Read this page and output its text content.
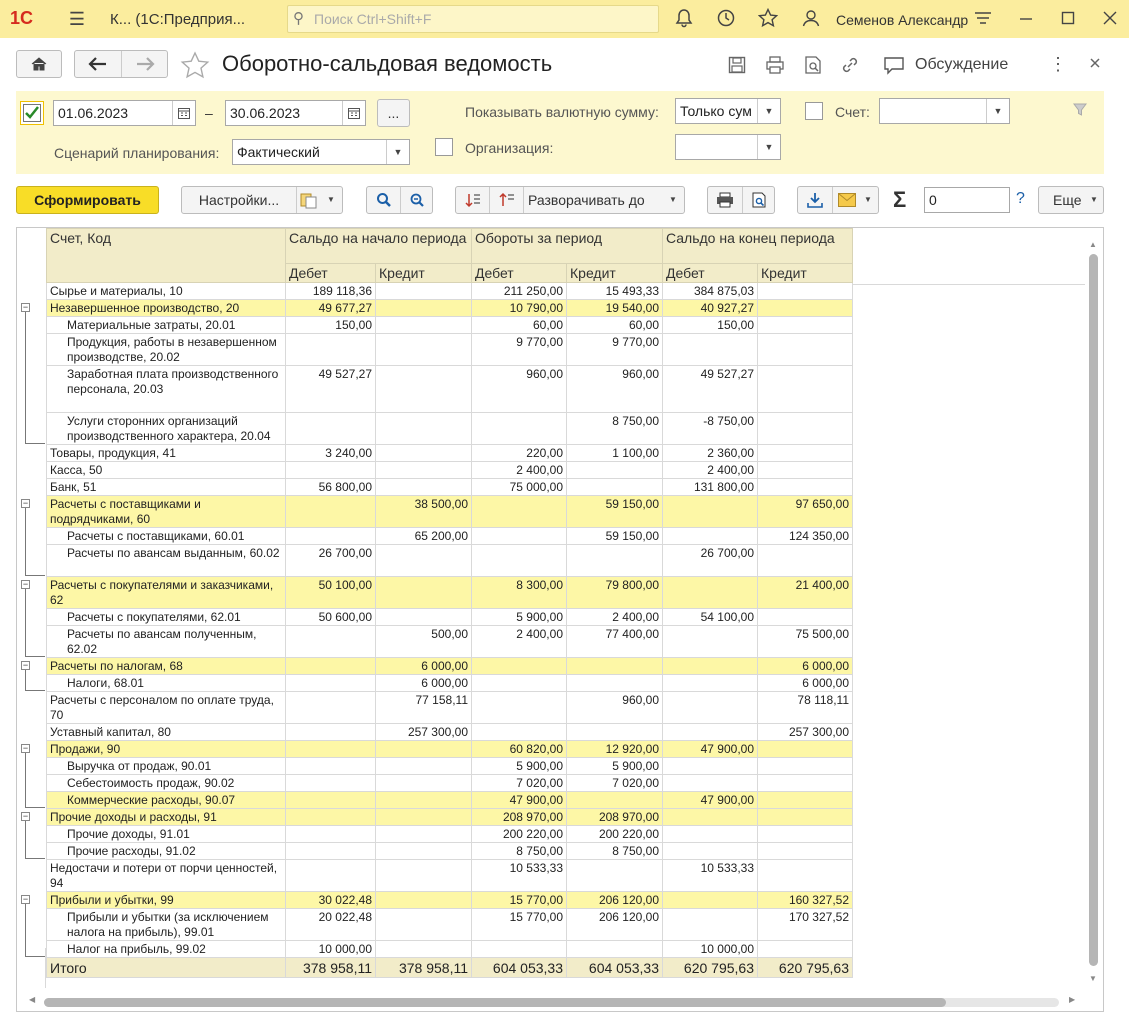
1С ☰ К... (1С:Предприя...	⚲ Поиск Ctrl+Shift+F	Семенов Александр
Оборотно-сальдовая ведомость	Обсуждение ⋮
01.06.2023	–	30.06.2023	...	Показывать валютную сумму:	Только сум	▼	Счет:	▼
Сценарий планирования:	Фактический	▼	Организация:	▼
Сформировать	Настройки...	▼	Разворачивать до	▼	▼ Σ	0	?	Еще ▼
Счет, Код	Сальдо на начало периода		Обороты за период		Сальдо на конец периода	
	Дебет	Кредит	Дебет	Кредит	Дебет	Кредит
Сырье и материалы, 10	189 118,36		211 250,00	15 493,33	384 875,03	
Незавершенное производство, 20	49 677,27		10 790,00	19 540,00	40 927,27	
Материальные затраты, 20.01	150,00		60,00	60,00	150,00	
Продукция, работы в незавершенном производстве, 20.02			9 770,00	9 770,00		
Заработная плата производственного персонала, 20.03	49 527,27		960,00	960,00	49 527,27	
Услуги сторонних организаций производственного характера, 20.04				8 750,00	-8 750,00	
Товары, продукция, 41	3 240,00		220,00	1 100,00	2 360,00	
Касса, 50			2 400,00		2 400,00	
Банк, 51	56 800,00		75 000,00		131 800,00	
Расчеты с поставщиками и подрядчиками, 60		38 500,00		59 150,00		97 650,00
Расчеты с поставщиками, 60.01		65 200,00		59 150,00		124 350,00
Расчеты по авансам выданным, 60.02	26 700,00				26 700,00	
Расчеты с покупателями и заказчиками, 62	50 100,00		8 300,00	79 800,00		21 400,00
Расчеты с покупателями, 62.01	50 600,00		5 900,00	2 400,00	54 100,00	
Расчеты по авансам полученным, 62.02		500,00	2 400,00	77 400,00		75 500,00
Расчеты по налогам, 68		6 000,00				6 000,00
Налоги, 68.01		6 000,00				6 000,00
Расчеты с персоналом по оплате труда, 70		77 158,11		960,00		78 118,11
Уставный капитал, 80		257 300,00				257 300,00
Продажи, 90			60 820,00	12 920,00	47 900,00	
Выручка от продаж, 90.01			5 900,00	5 900,00		
Себестоимость продаж, 90.02			7 020,00	7 020,00		
Коммерческие расходы, 90.07			47 900,00		47 900,00	
Прочие доходы и расходы, 91			208 970,00	208 970,00		
Прочие доходы, 91.01			200 220,00	200 220,00		
Прочие расходы, 91.02			8 750,00	8 750,00		
Недостачи и потери от порчи ценностей, 94			10 533,33		10 533,33	
Прибыли и убытки, 99	30 022,48		15 770,00	206 120,00		160 327,52
Прибыли и убытки (за исключением налога на прибыль), 99.01	20 022,48		15 770,00	206 120,00		170 327,52
Налог на прибыль, 99.02	10 000,00				10 000,00	
Итого	378 958,11	378 958,11	604 053,33	604 053,33	620 795,63	620 795,63
−
−
−
−
−
−
−
▲
▼
◀	▶
